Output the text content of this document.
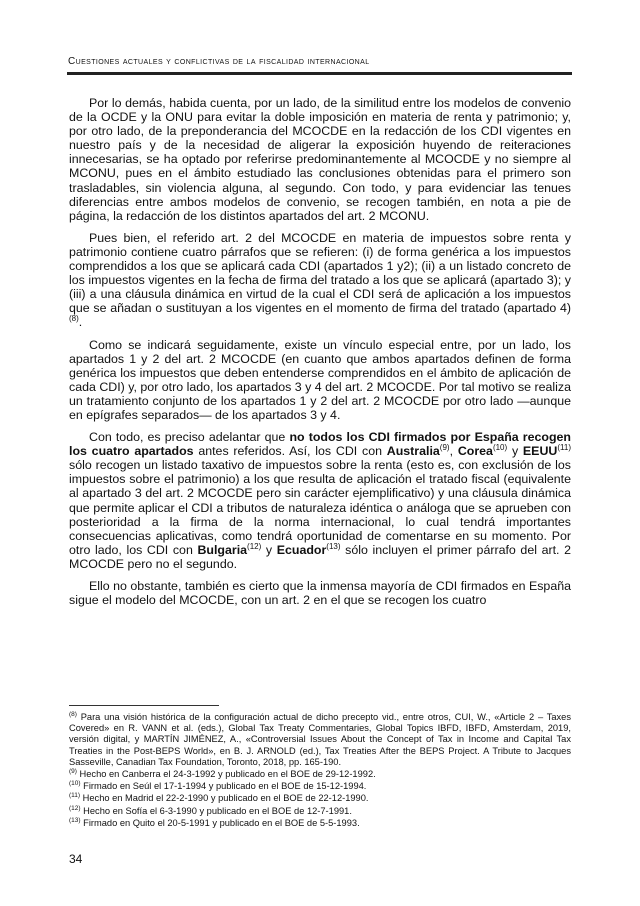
Cuestiones actuales y conflictivas de la fiscalidad internacional

Por lo demás, habida cuenta, por un lado, de la similitud entre los modelos de convenio de la OCDE y la ONU para evitar la doble imposición en materia de renta y patrimonio; y, por otro lado, de la preponderancia del MCOCDE en la redacción de los CDI vigentes en nuestro país y de la necesidad de aligerar la exposición huyendo de reiteraciones innecesarias, se ha optado por referirse predominantemente al MCOCDE y no siempre al MCONU, pues en el ámbito estudiado las conclusiones obtenidas para el primero son trasladables, sin violencia alguna, al segundo. Con todo, y para evidenciar las tenues diferencias entre ambos modelos de convenio, se recogen también, en nota a pie de página, la redacción de los distintos apartados del art. 2 MCONU.

Pues bien, el referido art. 2 del MCOCDE en materia de impuestos sobre renta y patrimonio contiene cuatro párrafos que se refieren: (i) de forma genérica a los impuestos comprendidos a los que se aplicará cada CDI (apartados 1 y2); (ii) a un listado concreto de los impuestos vigentes en la fecha de firma del tratado a los que se aplicará (apartado 3); y (iii) a una cláusula dinámica en virtud de la cual el CDI será de aplicación a los impuestos que se añadan o sustituyan a los vigentes en el momento de firma del tratado (apartado 4)$^{(8)}$.

Como se indicará seguidamente, existe un vínculo especial entre, por un lado, los apartados 1 y 2 del art. 2 MCOCDE (en cuanto que ambos apartados definen de forma genérica los impuestos que deben entenderse comprendidos en el ámbito de aplicación de cada CDI) y, por otro lado, los apartados 3 y 4 del art. 2 MCOCDE. Por tal motivo se realiza un tratamiento conjunto de los apartados 1 y 2 del art. 2 MCOCDE por otro lado —aunque en epígrafes separados— de los apartados 3 y 4.

Con todo, es preciso adelantar que no todos los CDI firmados por España recogen los cuatro apartados antes referidos. Así, los CDI con Australia$^{(9)}$, Corea$^{(10)}$ y EEUU$^{(11)}$ sólo recogen un listado taxativo de impuestos sobre la renta (esto es, con exclusión de los impuestos sobre el patrimonio) a los que resulta de aplicación el tratado fiscal (equivalente al apartado 3 del art. 2 MCOCDE pero sin carácter ejemplificativo) y una cláusula dinámica que permite aplicar el CDI a tributos de naturaleza idéntica o análoga que se aprueben con posterioridad a la firma de la norma internacional, lo cual tendrá importantes consecuencias aplicativas, como tendrá oportunidad de comentarse en su momento. Por otro lado, los CDI con Bulgaria$^{(12)}$ y Ecuador$^{(13)}$ sólo incluyen el primer párrafo del art. 2 MCOCDE pero no el segundo.

Ello no obstante, también es cierto que la inmensa mayoría de CDI firmados en España sigue el modelo del MCOCDE, con un art. 2 en el que se recogen los cuatro

$^{(8)}$ Para una visión histórica de la configuración actual de dicho precepto vid., entre otros, CUI, W., «Article 2 – Taxes Covered» en R. VANN et al. (eds.), Global Tax Treaty Commentaries, Global Topics IBFD, IBFD, Amsterdam, 2019, versión digital, y MARTÍN JIMÉNEZ, A., «Controversial Issues About the Concept of Tax in Income and Capital Tax Treaties in the Post-BEPS World», en B. J. ARNOLD (ed.), Tax Treaties After the BEPS Project. A Tribute to Jacques Sasseville, Canadian Tax Foundation, Toronto, 2018, pp. 165-190.
$^{(9)}$ Hecho en Canberra el 24-3-1992 y publicado en el BOE de 29-12-1992.
$^{(10)}$ Firmado en Seúl el 17-1-1994 y publicado en el BOE de 15-12-1994.
$^{(11)}$ Hecho en Madrid el 22-2-1990 y publicado en el BOE de 22-12-1990.
$^{(12)}$ Hecho en Sofía el 6-3-1990 y publicado en el BOE de 12-7-1991.
$^{(13)}$ Firmado en Quito el 20-5-1991 y publicado en el BOE de 5-5-1993.
34
